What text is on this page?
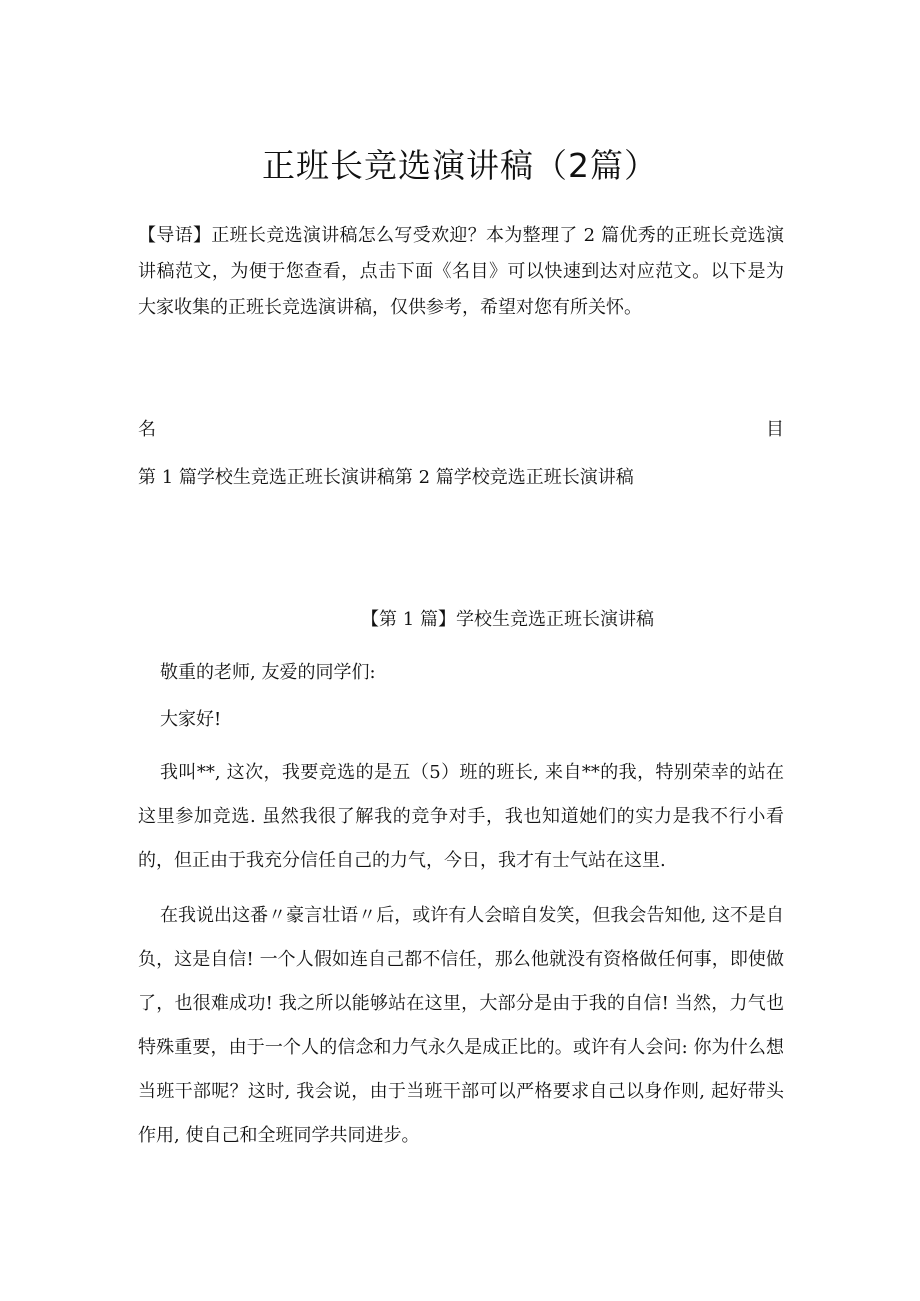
正班长竞选演讲稿（2篇）
【导语】正班长竞选演讲稿怎么写受欢迎？本为整理了 2 篇优秀的正班长竞选演讲稿范文，为便于您查看，点击下面《名目》可以快速到达对应范文。以下是为大家收集的正班长竞选演讲稿，仅供参考，希望对您有所关怀。
名	目
第 1 篇学校生竞选正班长演讲稿第 2 篇学校竞选正班长演讲稿
【第 1 篇】学校生竞选正班长演讲稿
敬重的老师, 友爱的同学们:
大家好!
我叫**, 这次，我要竞选的是五（5）班的班长, 来自**的我，特别荣幸的站在这里参加竞选. 虽然我很了解我的竞争对手，我也知道她们的实力是我不行小看的，但正由于我充分信任自己的力气，今日，我才有士气站在这里.
在我说出这番〃豪言壮语〃后，或许有人会暗自发笑，但我会告知他, 这不是自负，这是自信! 一个人假如连自己都不信任，那么他就没有资格做任何事，即使做了，也很难成功! 我之所以能够站在这里，大部分是由于我的自信! 当然，力气也特殊重要，由于一个人的信念和力气永久是成正比的。或许有人会问: 你为什么想当班干部呢？这时, 我会说，由于当班干部可以严格要求自己以身作则, 起好带头作用, 使自己和全班同学共同进步。
